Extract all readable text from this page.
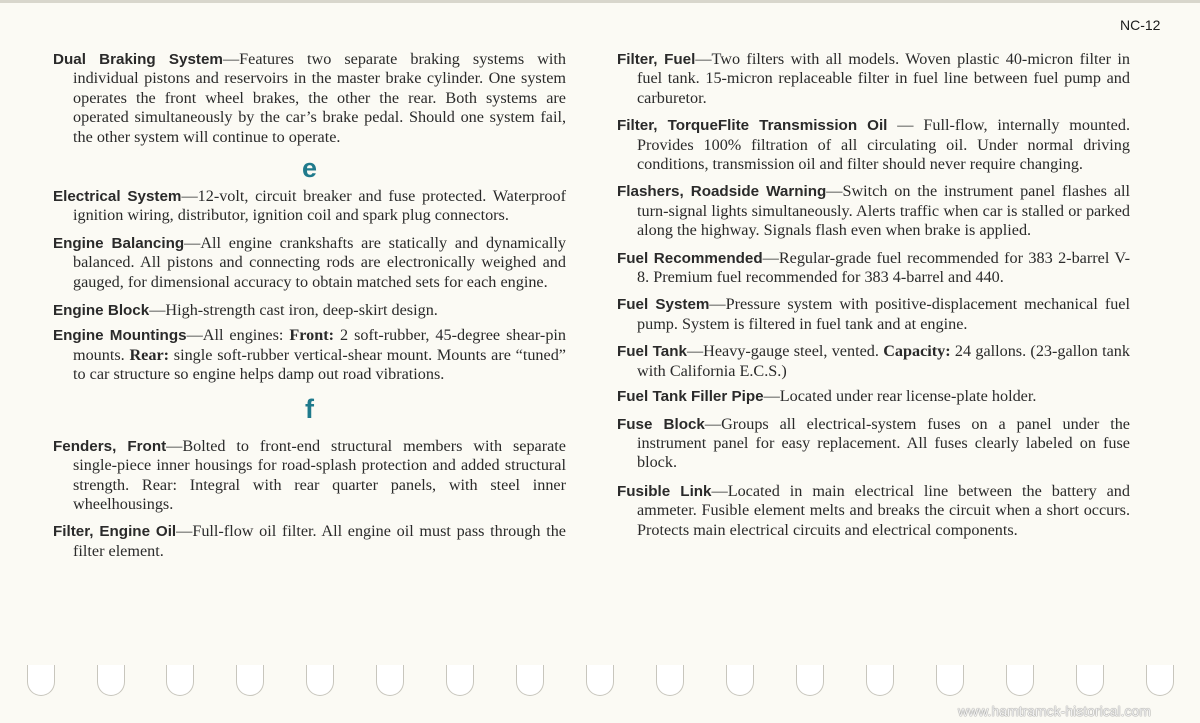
NC-12

Dual Braking System—Features two separate braking systems with individual pistons and reservoirs in the master brake cylinder. One system operates the front wheel brakes, the other the rear. Both systems are operated simultaneously by the car’s brake pedal. Should one system fail, the other system will continue to operate.

e

Electrical System—12-volt, circuit breaker and fuse protected. Waterproof ignition wiring, distributor, ignition coil and spark plug connectors.

Engine Balancing—All engine crankshafts are statically and dynamically balanced. All pistons and connecting rods are electronically weighed and gauged, for dimensional accuracy to obtain matched sets for each engine.

Engine Block—High-strength cast iron, deep-skirt design.

Engine Mountings—All engines: Front: 2 soft-rubber, 45-degree shear-pin mounts. Rear: single soft-rubber vertical-shear mount. Mounts are “tuned” to car structure so engine helps damp out road vibrations.

f

Fenders, Front—Bolted to front-end structural members with separate single-piece inner housings for road-splash protection and added structural strength. Rear: Integral with rear quarter panels, with steel inner wheelhousings.

Filter, Engine Oil—Full-flow oil filter. All engine oil must pass through the filter element.

Filter, Fuel—Two filters with all models. Woven plastic 40-micron filter in fuel tank. 15-micron replaceable filter in fuel line between fuel pump and carburetor.

Filter, TorqueFlite Transmission Oil — Full-flow, internally mounted. Provides 100% filtration of all circulating oil. Under normal driving conditions, transmission oil and filter should never require changing.

Flashers, Roadside Warning—Switch on the instrument panel flashes all turn-signal lights simultaneously. Alerts traffic when car is stalled or parked along the highway. Signals flash even when brake is applied.

Fuel Recommended—Regular-grade fuel recommended for 383 2-barrel V-8. Premium fuel recommended for 383 4-barrel and 440.

Fuel System—Pressure system with positive-displacement mechanical fuel pump. System is filtered in fuel tank and at engine.

Fuel Tank—Heavy-gauge steel, vented. Capacity: 24 gallons. (23-gallon tank with California E.C.S.)

Fuel Tank Filler Pipe—Located under rear license-plate holder.

Fuse Block—Groups all electrical-system fuses on a panel under the instrument panel for easy replacement. All fuses clearly labeled on fuse block.

Fusible Link—Located in main electrical line between the battery and ammeter. Fusible element melts and breaks the circuit when a short occurs. Protects main electrical circuits and electrical components.

www.hamtramck-historical.com
